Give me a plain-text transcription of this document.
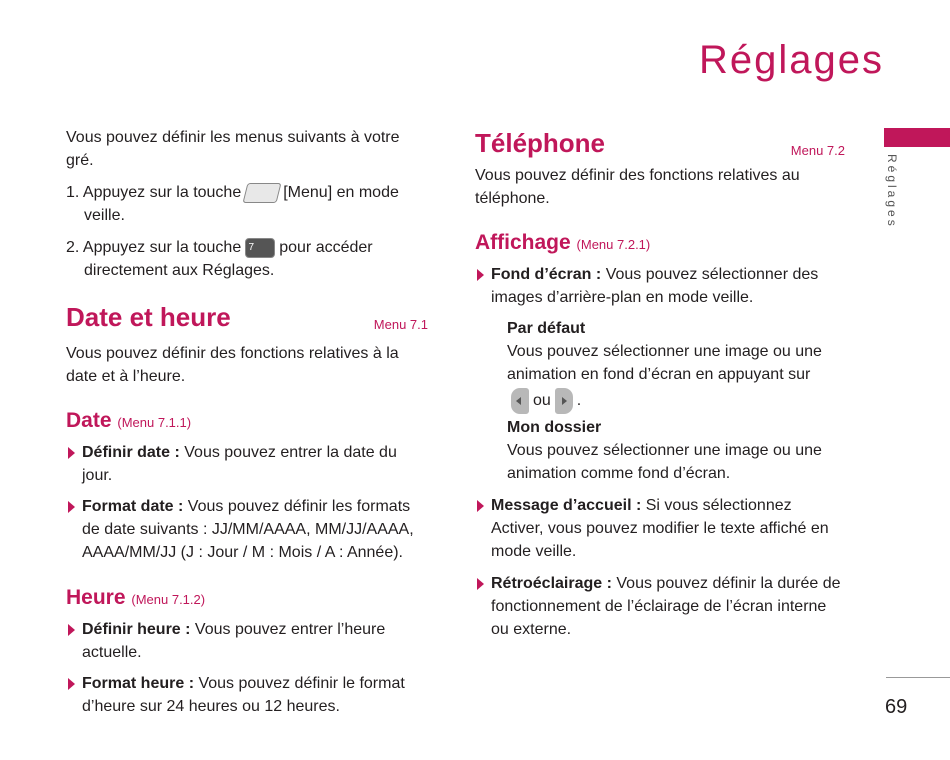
Réglages
Réglages
69

Vous pouvez définir les menus suivants à votre gré.

1. Appuyez sur la touche	[Menu] en mode veille.

2. Appuyez sur la touche 7 pour accéder directement aux Réglages.

Date et heure	Menu 7.1

Vous pouvez définir des fonctions relatives à la date et à l’heure.

Date (Menu 7.1.1)

Définir date : Vous pouvez entrer la date du jour.

Format date : Vous pouvez définir les formats de date suivants : JJ/MM/AAAA, MM/JJ/AAAA, AAAA/MM/JJ (J : Jour / M : Mois / A : Année).

Heure (Menu 7.1.2)

Définir heure : Vous pouvez entrer l’heure actuelle.

Format heure : Vous pouvez définir le format d’heure sur 24 heures ou 12 heures.

Téléphone	Menu 7.2

Vous pouvez définir des fonctions relatives au téléphone.

Affichage (Menu 7.2.1)

Fond d’écran : Vous pouvez sélectionner des images d’arrière-plan en mode veille.

Par défaut

Vous pouvez sélectionner une image ou une animation en fond d’écran en appuyant sur

ou .

Mon dossier

Vous pouvez sélectionner une image ou une animation comme fond d’écran.

Message d’accueil : Si vous sélectionnez Activer, vous pouvez modifier le texte affiché en mode veille.

Rétroéclairage : Vous pouvez définir la durée de fonctionnement de l’éclairage de l’écran interne ou externe.
